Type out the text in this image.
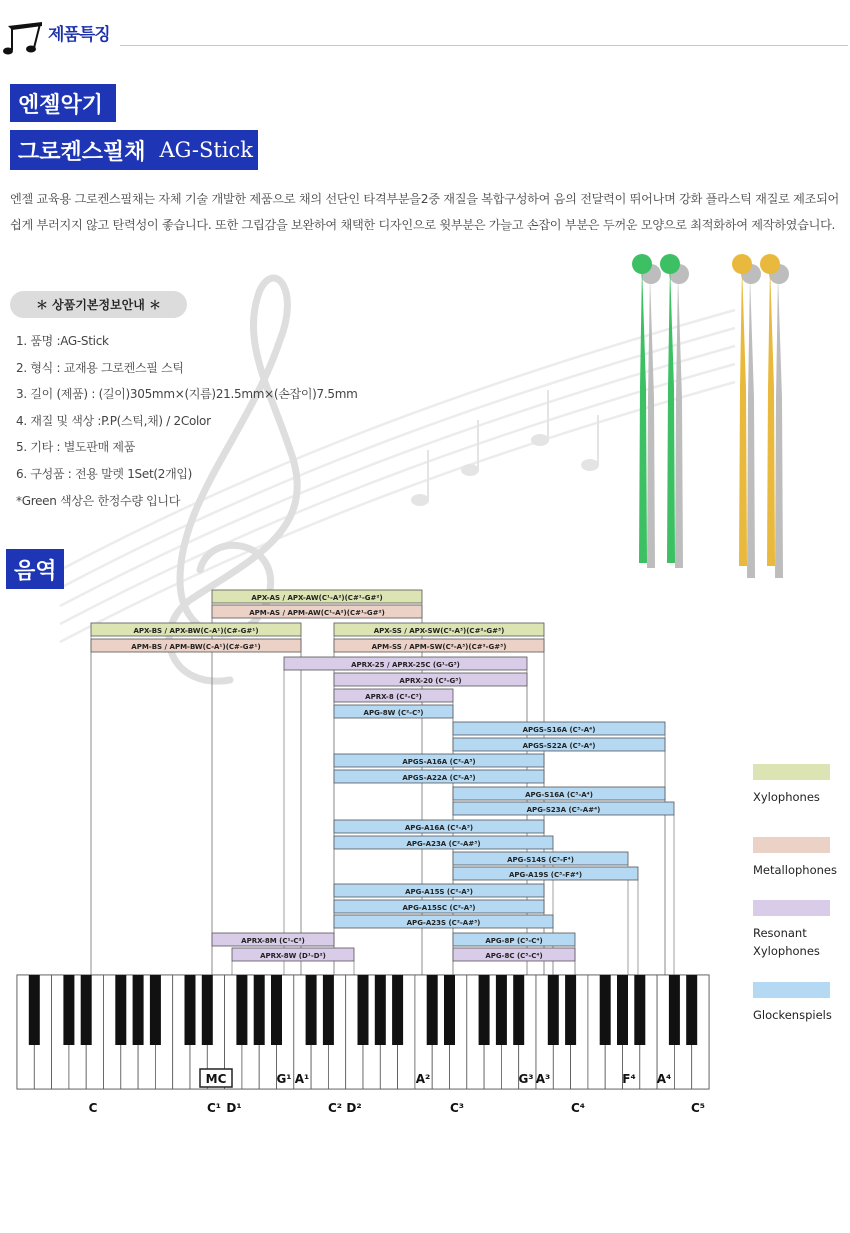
제품특징
엔젤악기
그로켄스필채 AG-Stick

엔젤 교육용 그로켄스필채는 자체 기술 개발한 제품으로 채의 선단인 타격부분을2중 재질을 복합구성하여 음의 전달력이 뛰어나며 강화 플라스틱 재질로 제조되어쉽게 부러지지 않고 탄력성이 좋습니다. 또한 그립감을 보완하여 채택한 디자인으로 윗부분은 가늘고 손잡이 부분은 두꺼운 모양으로 최적화하여 제작하였습니다.

＊ 상품기본정보안내 ＊
1. 품명 :AG-Stick
2. 형식 : 교재용 그로켄스필 스틱
3. 길이 (제품) : (길이)305mm×(지름)21.5mm×(손잡이)7.5mm
4. 재질 및 색상 :P.P(스틱,채) / 2Color
5. 기타 : 별도판매 제품
6. 구성품 : 전용 말렛 1Set(2개입)
*Green 색상은 한정수량 입니다
음역
APX-AS / APX-AW(C¹-A²)(C#¹-G#²)
APM-AS / APM-AW(C¹-A²)(C#¹-G#²)
APX-BS / APX-BW(C-A¹)(C#-G#¹)	APX-SS / APX-SW(C²-A³)(C#²-G#³)
APM-BS / APM-BW(C-A¹)(C#-G#¹)	APM-SS / APM-SW(C²-A³)(C#²-G#³)
APRX-25 / APRX-25C (G¹-G³)
APRX-20 (C²-G³)
APRX-8 (C²-C³)
APG-8W (C²-C³)
APGS-S16A (C³-A⁴)
APGS-S22A (C³-A⁴)
APGS-A16A (C²-A³)
APGS-A22A (C²-A³)
APG-S16A (C³-A⁴)
APG-S23A (C³-A#⁴)
APG-A16A (C²-A³)
APG-A23A (C²-A#³)
APG-S14S (C³-F⁴)
APG-A19S (C³-F#⁴)
APG-A15S (C²-A³)
APG-A15SC (C²-A³)
APG-A23S (C²-A#³)
APRX-8M (C¹-C²)	APG-8P (C³-C⁴)
APRX-8W (D¹-D²)	APG-8C (C³-C⁴)
MC	G¹ A¹	A²	G³ A³	F⁴ A⁴
C	C¹ D¹	C² D²	C³	C⁴	C⁵
Xylophones
Metallophones
Resonant Xylophones
Glockenspiels
